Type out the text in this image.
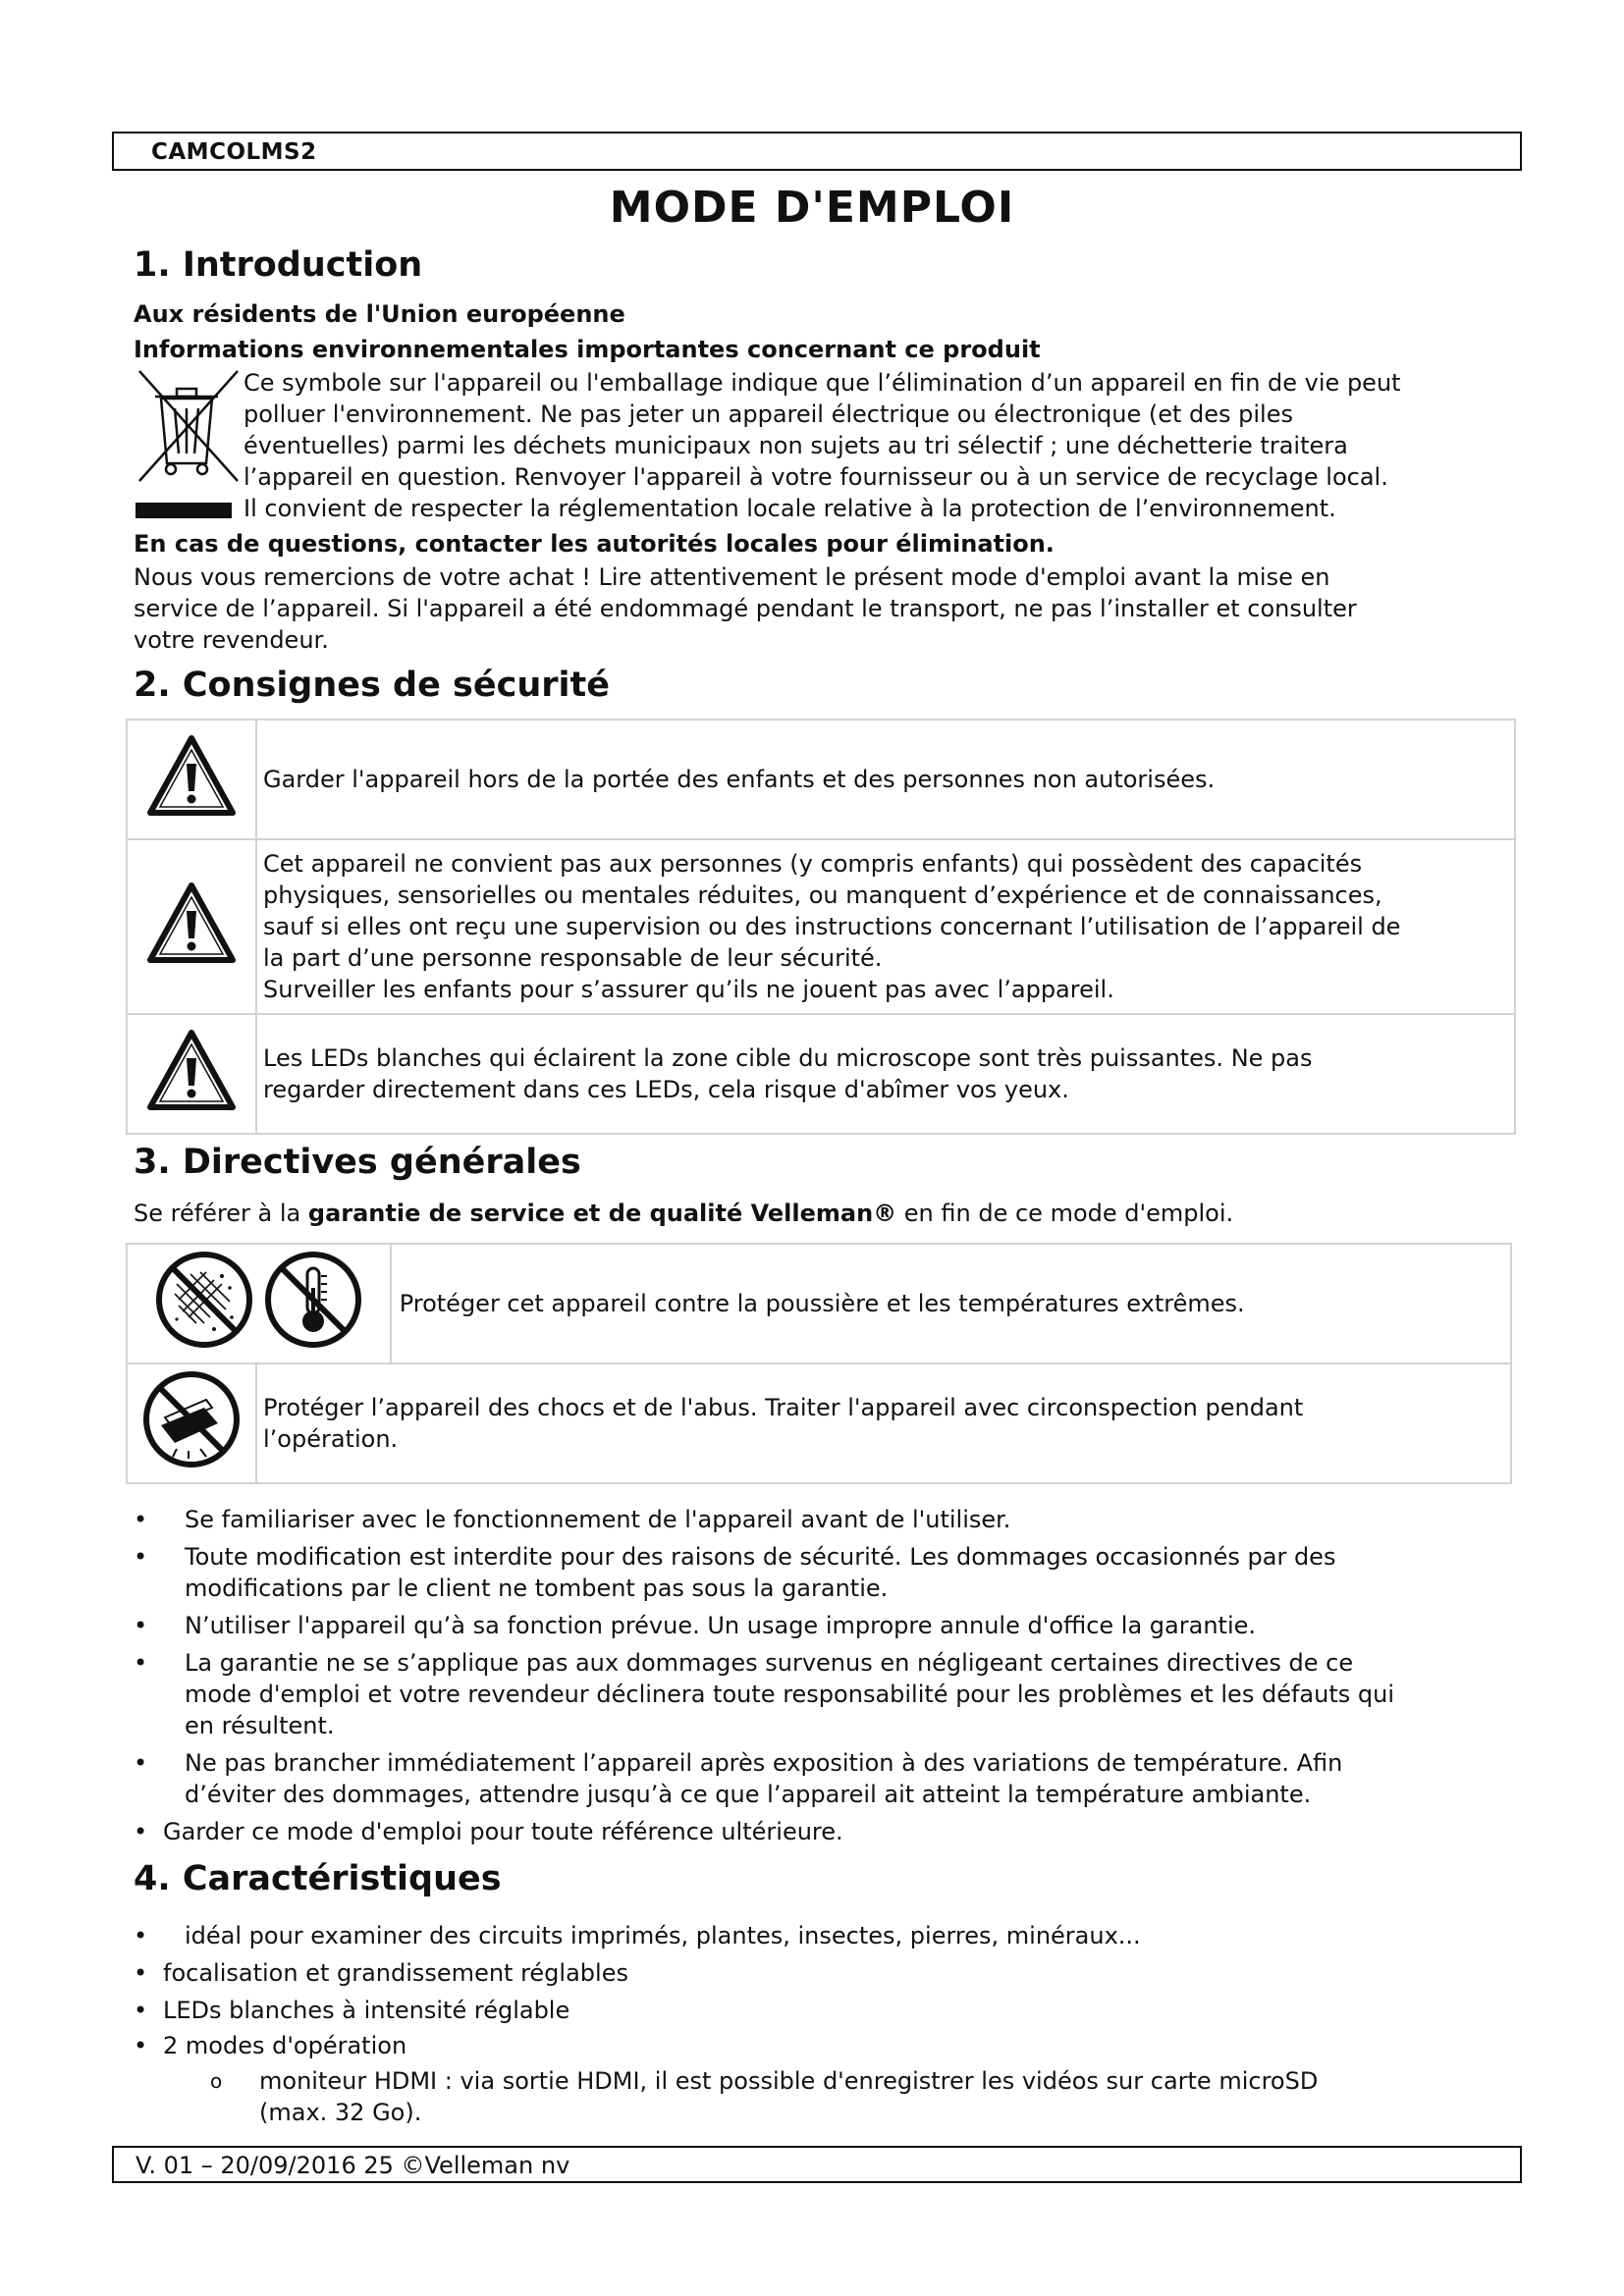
CAMCOLMS2
MODE D'EMPLOI
1. Introduction
Aux résidents de l'Union européenne
Informations environnementales importantes concernant ce produit
Ce symbole sur l'appareil ou l'emballage indique que l’élimination d’un appareil en fin de vie peut
polluer l'environnement. Ne pas jeter un appareil électrique ou électronique (et des piles
éventuelles) parmi les déchets municipaux non sujets au tri sélectif ; une déchetterie traitera
l’appareil en question. Renvoyer l'appareil à votre fournisseur ou à un service de recyclage local.
Il convient de respecter la réglementation locale relative à la protection de l’environnement.
En cas de questions, contacter les autorités locales pour élimination.
Nous vous remercions de votre achat ! Lire attentivement le présent mode d'emploi avant la mise en
service de l’appareil. Si l'appareil a été endommagé pendant le transport, ne pas l’installer et consulter
votre revendeur.
2. Consignes de sécurité

Garder l'appareil hors de la portée des enfants et des personnes non autorisées.

Cet appareil ne convient pas aux personnes (y compris enfants) qui possèdent des capacités
physiques, sensorielles ou mentales réduites, ou manquent d’expérience et de connaissances,
sauf si elles ont reçu une supervision ou des instructions concernant l’utilisation de l’appareil de
la part d’une personne responsable de leur sécurité.
Surveiller les enfants pour s’assurer qu’ils ne jouent pas avec l’appareil.

Les LEDs blanches qui éclairent la zone cible du microscope sont très puissantes. Ne pas
regarder directement dans ces LEDs, cela risque d'abîmer vos yeux.
3. Directives générales
Se référer à la garantie de service et de qualité Velleman® en fin de ce mode d'emploi.

Protéger cet appareil contre la poussière et les températures extrêmes.

Protéger l’appareil des chocs et de l'abus. Traiter l'appareil avec circonspection pendant
l’opération.	
• Se familiariser avec le fonctionnement de l'appareil avant de l'utiliser.
• Toute modification est interdite pour des raisons de sécurité. Les dommages occasionnés par des
modifications par le client ne tombent pas sous la garantie.
• N’utiliser l'appareil qu’à sa fonction prévue. Un usage impropre annule d'office la garantie.
• La garantie ne se s’applique pas aux dommages survenus en négligeant certaines directives de ce
mode d'emploi et votre revendeur déclinera toute responsabilité pour les problèmes et les défauts qui
en résultent.
• Ne pas brancher immédiatement l’appareil après exposition à des variations de température. Afin
d’éviter des dommages, attendre jusqu’à ce que l’appareil ait atteint la température ambiante.
• Garder ce mode d'emploi pour toute référence ultérieure.
4. Caractéristiques
• idéal pour examiner des circuits imprimés, plantes, insectes, pierres, minéraux...
• focalisation et grandissement réglables
• LEDs blanches à intensité réglable
• 2 modes d'opération
o moniteur HDMI : via sortie HDMI, il est possible d'enregistrer les vidéos sur carte microSD
(max. 32 Go).
V. 01 – 20/09/2016 25 ©Velleman nv
